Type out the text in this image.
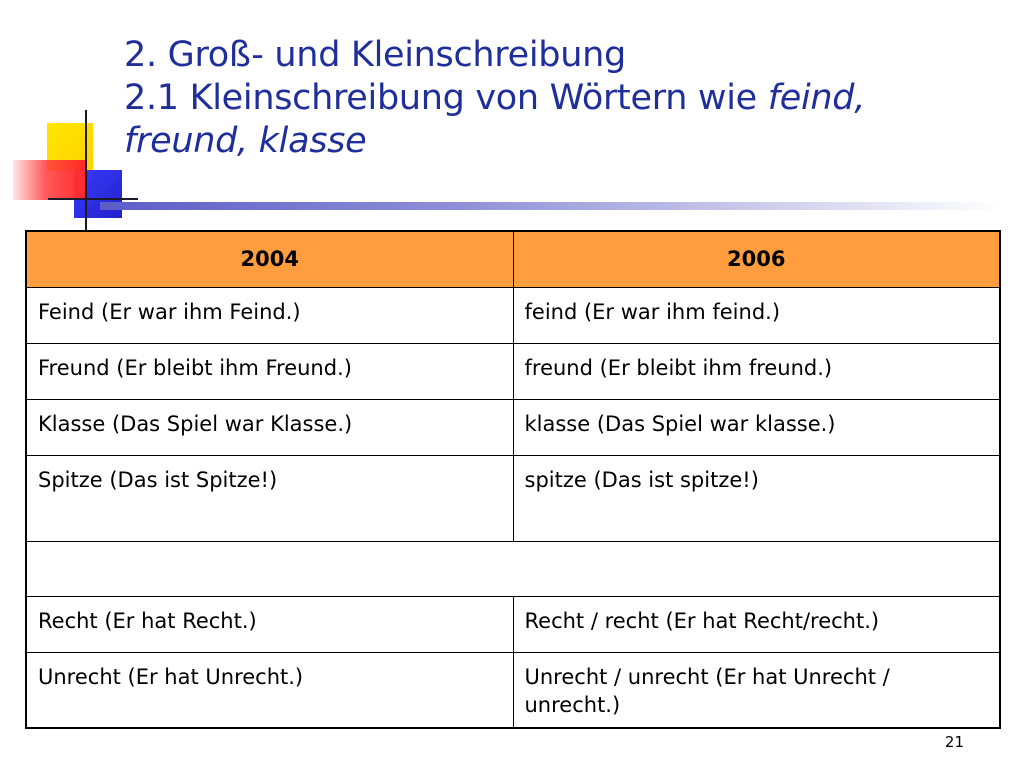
2. Groß- und Kleinschreibung
2.1 Kleinschreibung von Wörtern wie feind,
freund, klasse
2004	2006
Feind (Er war ihm Feind.)	feind (Er war ihm feind.)
Freund (Er bleibt ihm Freund.)	freund (Er bleibt ihm freund.)
Klasse (Das Spiel war Klasse.)	klasse (Das Spiel war klasse.)
Spitze (Das ist Spitze!)	spitze (Das ist spitze!)

Recht (Er hat Recht.)	Recht / recht (Er hat Recht/recht.)
Unrecht (Er hat Unrecht.)	Unrecht / unrecht (Er hat Unrecht / unrecht.)
21
